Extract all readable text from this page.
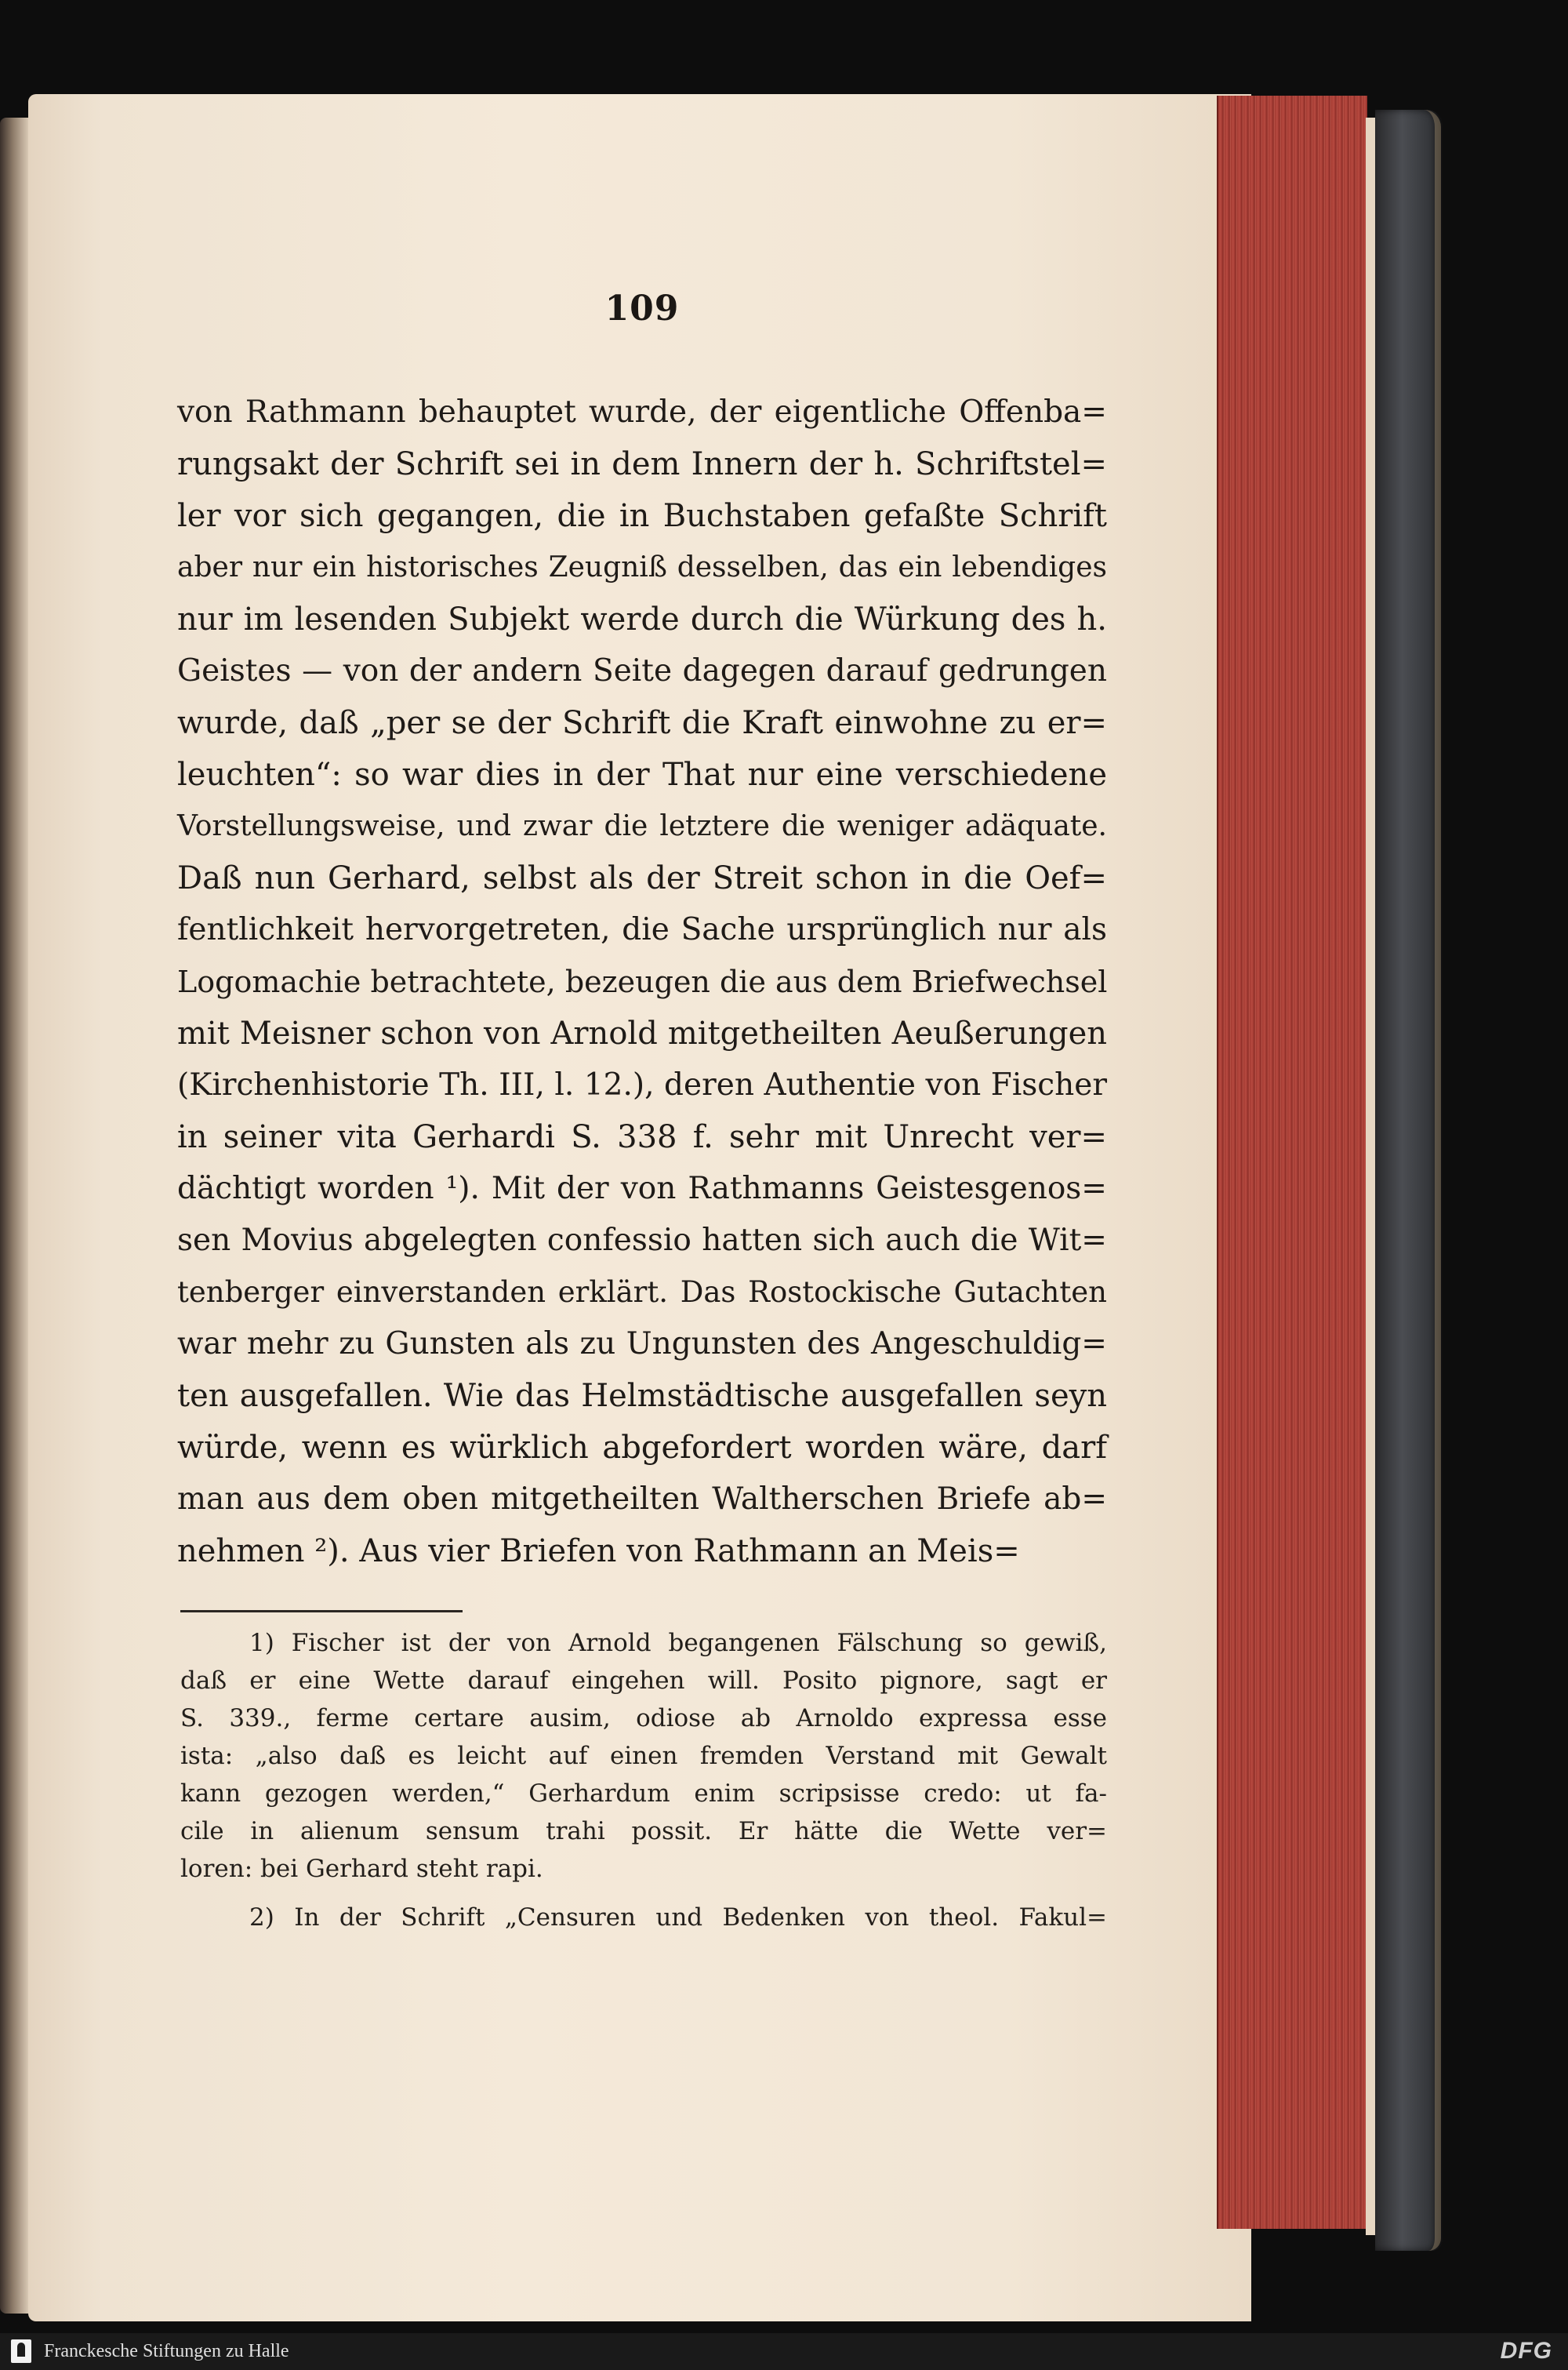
109
von Rathmann behauptet wurde, der eigentliche Offenba=
rungsakt der Schrift sei in dem Innern der h. Schriftstel=
ler vor sich gegangen, die in Buchstaben gefaßte Schrift
aber nur ein historisches Zeugniß desselben, das ein lebendiges
nur im lesenden Subjekt werde durch die Würkung des h.
Geistes — von der andern Seite dagegen darauf gedrungen
wurde, daß „per se der Schrift die Kraft einwohne zu er=
leuchten“: so war dies in der That nur eine verschiedene
Vorstellungsweise, und zwar die letztere die weniger adäquate.
Daß nun Gerhard, selbst als der Streit schon in die Oef=
fentlichkeit hervorgetreten, die Sache ursprünglich nur als
Logomachie betrachtete, bezeugen die aus dem Briefwechsel
mit Meisner schon von Arnold mitgetheilten Aeußerungen
(Kirchenhistorie Th. III, l. 12.), deren Authentie von Fischer
in seiner vita Gerhardi S. 338 f. sehr mit Unrecht ver=
dächtigt worden ¹). Mit der von Rathmanns Geistesgenos=
sen Movius abgelegten confessio hatten sich auch die Wit=
tenberger einverstanden erklärt. Das Rostockische Gutachten
war mehr zu Gunsten als zu Ungunsten des Angeschuldig=
ten ausgefallen. Wie das Helmstädtische ausgefallen seyn
würde, wenn es würklich abgefordert worden wäre, darf
man aus dem oben mitgetheilten Waltherschen Briefe ab=
nehmen ²). Aus vier Briefen von Rathmann an Meis=
1) Fischer ist der von Arnold begangenen Fälschung so gewiß,
daß er eine Wette darauf eingehen will. Posito pignore, sagt er
S. 339., ferme certare ausim, odiose ab Arnoldo expressa esse
ista: „also daß es leicht auf einen fremden Verstand mit Gewalt
kann gezogen werden,“ Gerhardum enim scripsisse credo: ut fa-
cile in alienum sensum trahi possit. Er hätte die Wette ver=
loren: bei Gerhard steht rapi.
2) In der Schrift „Censuren und Bedenken von theol. Fakul=
Franckesche Stiftungen zu Halle	DFG
